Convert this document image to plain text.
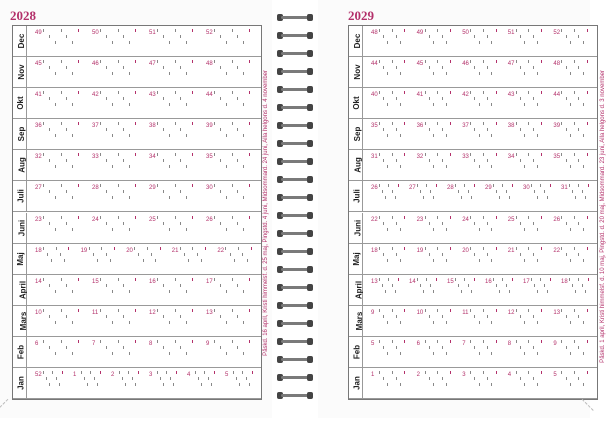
2028
Dec
49	50	51	52
Nov
45	46	47	48
Okt
41	42	43	44
Sep
36	37	38	39
Aug
32	33	34	35
Juli
27	28	29	30
Juni 23	24	25	26
Maj
18	19	20	21	22
April 14	15	16	17
Mars 10	11	12	13
Feb
6	7	8	9
Jan
52	1	2	3	4	5
Påskd. 16 april, Kristi himmelsf. d. 25 maj, Pingstd. 4 juni, Midsommard. 24 juni, Alla helgons d. 4 november
2029
Dec
48	49	50	51	52
Nov
44	45	46	47	48
Okt
40	41	42	43	44
Sep
35	36	37	38	39
Aug
31	32	33	34	35
Juli
26	27	28	29	30	31
Juni 22	23	24	25	26
Maj
18	19	20	21	22
April 13	14	15	16	17	18
Mars 9	10	11	12	13
Feb
5	6	7	8	9
Jan
1	2	3	4	5
Påskd. 1 april, Kristi himmelsf. d. 10 maj, Pingstd. d. 20 maj, Midsommard. 23 juni, Alla helgons d. 3 november
